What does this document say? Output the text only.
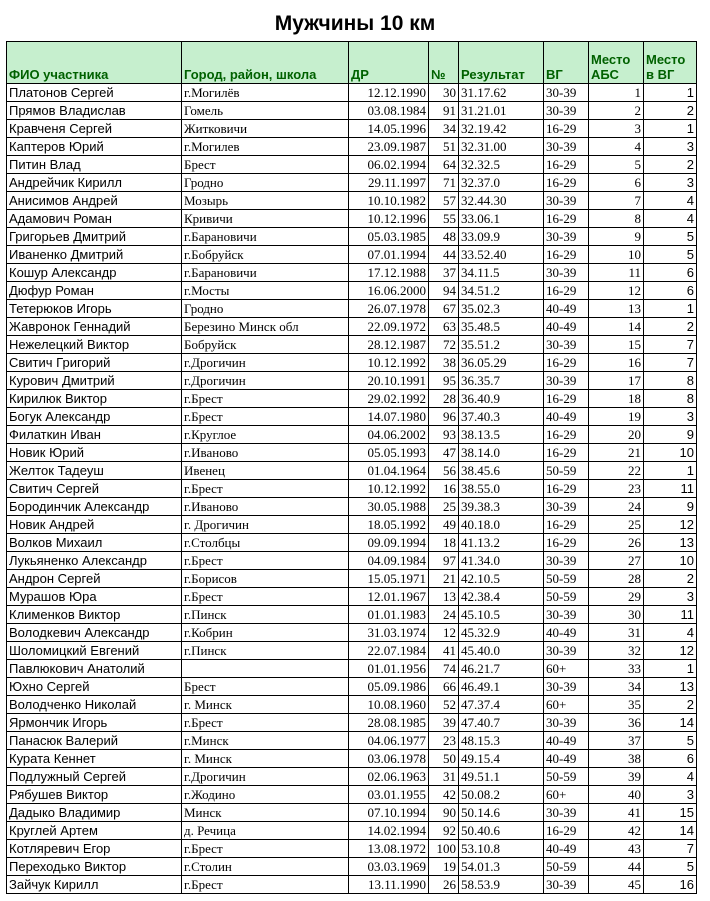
Мужчины 10 км
ФИО участника	Город, район, школа	ДР	№	Результат	ВГ	Место АБС	Место в ВГ
Платонов Сергей	г.Могилёв	12.12.1990	30	31.17.62	30-39	1	1
Прямов Владислав	Гомель	03.08.1984	91	31.21.01	30-39	2	2
Кравченя Сергей	Житковичи	14.05.1996	34	32.19.42	16-29	3	1
Каптеров Юрий	г.Могилев	23.09.1987	51	32.31.00	30-39	4	3
Питин Влад	Брест	06.02.1994	64	32.32.5	16-29	5	2
Андрейчик Кирилл	Гродно	29.11.1997	71	32.37.0	16-29	6	3
Анисимов Андрей	Мозырь	10.10.1982	57	32.44.30	30-39	7	4
Адамович Роман	Кривичи	10.12.1996	55	33.06.1	16-29	8	4
Григорьев Дмитрий	г.Барановичи	05.03.1985	48	33.09.9	30-39	9	5
Иваненко Дмитрий	г.Бобруйск	07.01.1994	44	33.52.40	16-29	10	5
Кошур Александр	г.Барановичи	17.12.1988	37	34.11.5	30-39	11	6
Дюфур Роман	г.Мосты	16.06.2000	94	34.51.2	16-29	12	6
Тетерюков Игорь	Гродно	26.07.1978	67	35.02.3	40-49	13	1
Жавронок Геннадий	Березино Минск обл	22.09.1972	63	35.48.5	40-49	14	2
Нежелецкий Виктор	Бобруйск	28.12.1987	72	35.51.2	30-39	15	7
Свитич Григорий	г.Дрогичин	10.12.1992	38	36.05.29	16-29	16	7
Курович Дмитрий	г.Дрогичин	20.10.1991	95	36.35.7	30-39	17	8
Кирилюк Виктор	г.Брест	29.02.1992	28	36.40.9	16-29	18	8
Богук Александр	г.Брест	14.07.1980	96	37.40.3	40-49	19	3
Филаткин Иван	г.Круглое	04.06.2002	93	38.13.5	16-29	20	9
Новик Юрий	г.Иваново	05.05.1993	47	38.14.0	16-29	21	10
Желток Тадеуш	Ивенец	01.04.1964	56	38.45.6	50-59	22	1
Свитич Сергей	г.Брест	10.12.1992	16	38.55.0	16-29	23	11
Бородинчик Александр	г.Иваново	30.05.1988	25	39.38.3	30-39	24	9
Новик Андрей	г. Дрогичин	18.05.1992	49	40.18.0	16-29	25	12
Волков Михаил	г.Столбцы	09.09.1994	18	41.13.2	16-29	26	13
Лукьяненко Александр	г.Брест	04.09.1984	97	41.34.0	30-39	27	10
Андрон Сергей	г.Борисов	15.05.1971	21	42.10.5	50-59	28	2
Мурашов Юра	г.Брест	12.01.1967	13	42.38.4	50-59	29	3
Клименков Виктор	г.Пинск	01.01.1983	24	45.10.5	30-39	30	11
Володкевич Александр	г.Кобрин	31.03.1974	12	45.32.9	40-49	31	4
Шоломицкий Евгений	г.Пинск	22.07.1984	41	45.40.0	30-39	32	12
Павлюкович Анатолий		01.01.1956	74	46.21.7	60+	33	1
Юхно Сергей	Брест	05.09.1986	66	46.49.1	30-39	34	13
Володченко Николай	г. Минск	10.08.1960	52	47.37.4	60+	35	2
Ярмончик Игорь	г.Брест	28.08.1985	39	47.40.7	30-39	36	14
Панасюк Валерий	г.Минск	04.06.1977	23	48.15.3	40-49	37	5
Курата Кеннет	г. Минск	03.06.1978	50	49.15.4	40-49	38	6
Подлужный Сергей	г.Дрогичин	02.06.1963	31	49.51.1	50-59	39	4
Рябушев Виктор	г.Жодино	03.01.1955	42	50.08.2	60+	40	3
Дадыко Владимир	Минск	07.10.1994	90	50.14.6	30-39	41	15
Круглей Артем	д. Речица	14.02.1994	92	50.40.6	16-29	42	14
Котляревич Егор	г.Брест	13.08.1972	100	53.10.8	40-49	43	7
Переходько Виктор	г.Столин	03.03.1969	19	54.01.3	50-59	44	5
Зайчук Кирилл	г.Брест	13.11.1990	26	58.53.9	30-39	45	16
